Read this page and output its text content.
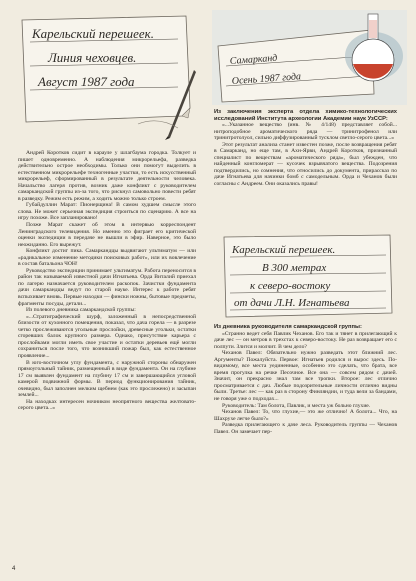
Карельский перешеек.
Линия чеховцев.
Август 1987 года
Самарканд
Осень 1987 года

Андрей Коротков сидит в карауле у шлагбаума городка. Толкует и пишет одновременно. А наблюдения микрорельефа, разведка действительно острое необходимы. Только они помогут выделить в естественном микрорельефе техногенные участки, то есть искусственный микрорельеф, сформированный в результате деятельности человека. Начальство лагеря против, возник даже конфликт с руководителем самаркандской группы из-за того, что рискнул самовольно повести ребят в разведку. Режим есть режим, а ходить можно только строем.

Губайдуллин Марат: Пионерщина! В самом худшем смысле этого слова. Не может серьезная экспедиция строиться по сценарию. А все на игру похоже. Все запланировано!

Позже Марат скажет об этом в интервью корреспондент Ленинградского телевидения. Но именно это фиграет его критической оценки экспедиции в передаче не вышли в эфир. Наверное, это было неожиданно. Его вырежут.

Конфликт достиг пика. Самаркандцы выдвигают ультиматум — или «радикальное изменение методики поисковых работ», или их вовлечение в состав батальона ЧОН!

Руководство экспедиции принимает ультиматум. Работа переносится в район так называемой известной дачи Игнатьева. Орда Виталий приехал по лагерю назначается руководителем раскопок. Зачистки фундамента дачи самаркандцы ведут по старой науке. Интерес к работе ребят вспыхивает вновь. Первые находки — фински ножны, бытовые предметы, фрагменты посуды, детали...

Из полевого дневника самаркандской группы:

«...Стратиграфический шурф, заложенный в непосредственной близости от кухонного помещения, показал, что дача горела — в разрезе четко прослеживаются угольные прослойки, древесные угольки, остатки сгоревших балок крупного размера. Однако, присутствие карьера с прослойками могли иметь свое участие и остатки деревьев ещё могли сохраниться после того, что возникший пожар был, как естественное проявление...

В юго-восточном углу фундамента, с наружной стороны обнаружен прямоугольный тайник, размещенный в виде фундамента. Он на глубине 17 см выявлен фундамент на глубину 17 см и завершающийся угловой камерой подвижной формы. В период функционирования тайник, очевидно, был заполнен мелким щебнем (как это прослежено) и засыпан землей...

На находках интересен ночником неопрятного вещества желтовато-серого цвета...»

Из заключения эксперта отдела химико-технологических исследований Института археологии Академии наук УзССР:

«...Указанное вещество (инв. № 4/148) представляет собой... нитроподобное ароматического ряда — тринитрофенол или тринитротолуол, сильно диффузированный тусклом светло-серого цвета...»

Этот результат анализа станет известен позже, после возвращения ребят в Самарканд, но еще там, в Ахн-Ярви, Андрей Коротков, признанный специалист по веществам «ароматического ряда», был убежден, что найденный конгломерат — кусочек взрывчатого вещества. Подозрения подтвердились, но сомнения, что относились до документа, прирассказ по даче Игнатьева для начинки бомб с самодельным. Орда и Чеханов были согласны с Андреем. Они оказались правы!

Карельский перешеек.
В 300 метрах
к северо-востоку
от дачи Л.Н. Игнатьева

Из дневника руководителя самаркандской группы:

«Странно ведет себя Павлик Чеханов. Его так и тянет в прилегающий к даче лес — он метров в трехстах к северо-востоку. Не раз возвращает его с полпути. Злится и молчит. В чем дело?

Чеханов Павел: Обязательно нужно разведать этот ближний лес. Аргументы? Пожалуйста. Первое: Игнатьев родился и вырос здесь. По-видимому, все места уединенные, особенно это сделать, что брата, все время прогулка на речке Песочное. Все она — совсем рядом с дачей. Значит, он прекрасно знал там все тропки. Второе: лес отлично просматривается с дач. Любые подозрительные личности отлично видны были. Третье: лес — как раз в сторону Финляндии, и туда вели за бандами, не говоря уже о подходах...

Руководитель: Там болота, Павлик, и места уж больно глухие.

Чеханов Павел: То, что глухие,— это же отлично! А болота... Что, на Шахрухе легче было?»

Разведка прилегающего к даче леса. Руководитель группы — Чеханов Павел. Он замечает пер-

4
